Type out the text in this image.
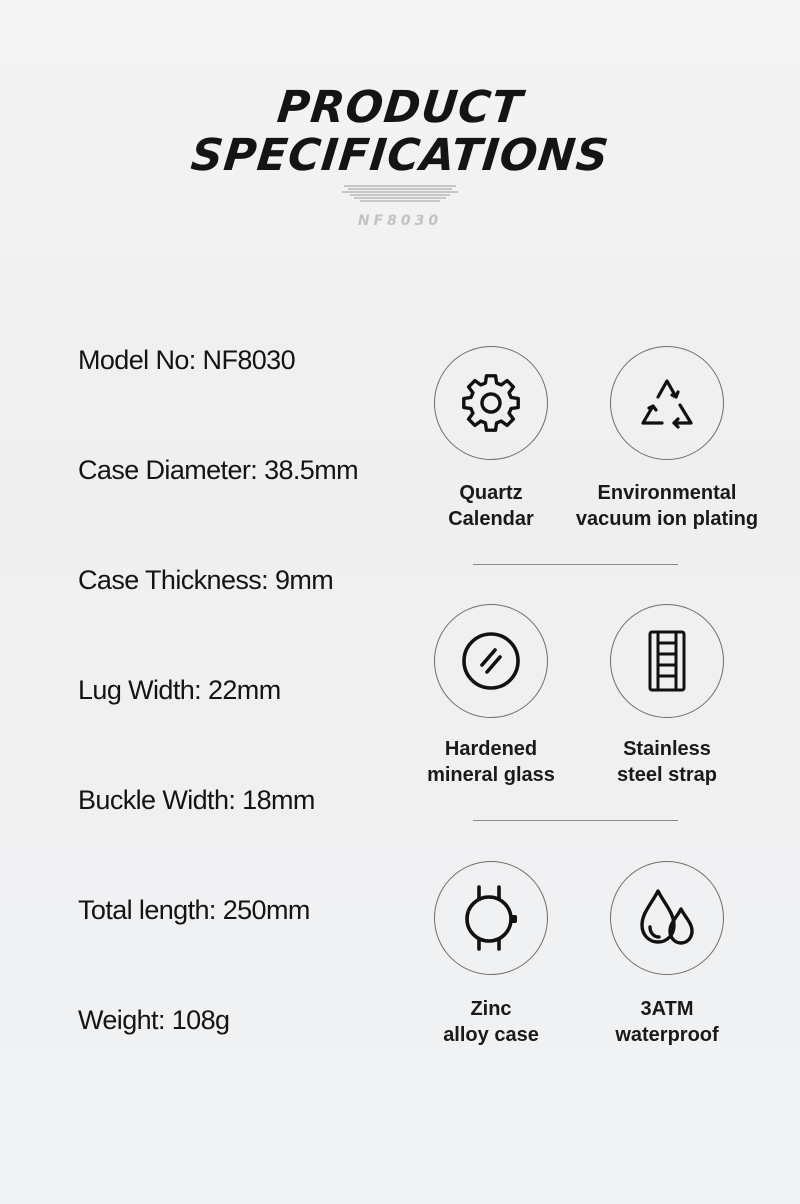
PRODUCT
SPECIFICATIONS
NF8030
Model No: NF8030
Case Diameter: 38.5mm
Case Thickness: 9mm
Lug Width: 22mm
Buckle Width: 18mm
Total length: 250mm
Weight: 108g
Quartz
Calendar
Environmental
vacuum ion plating
Hardened
mineral glass
Stainless
steel strap
Zinc
alloy case
3ATM
waterproof
